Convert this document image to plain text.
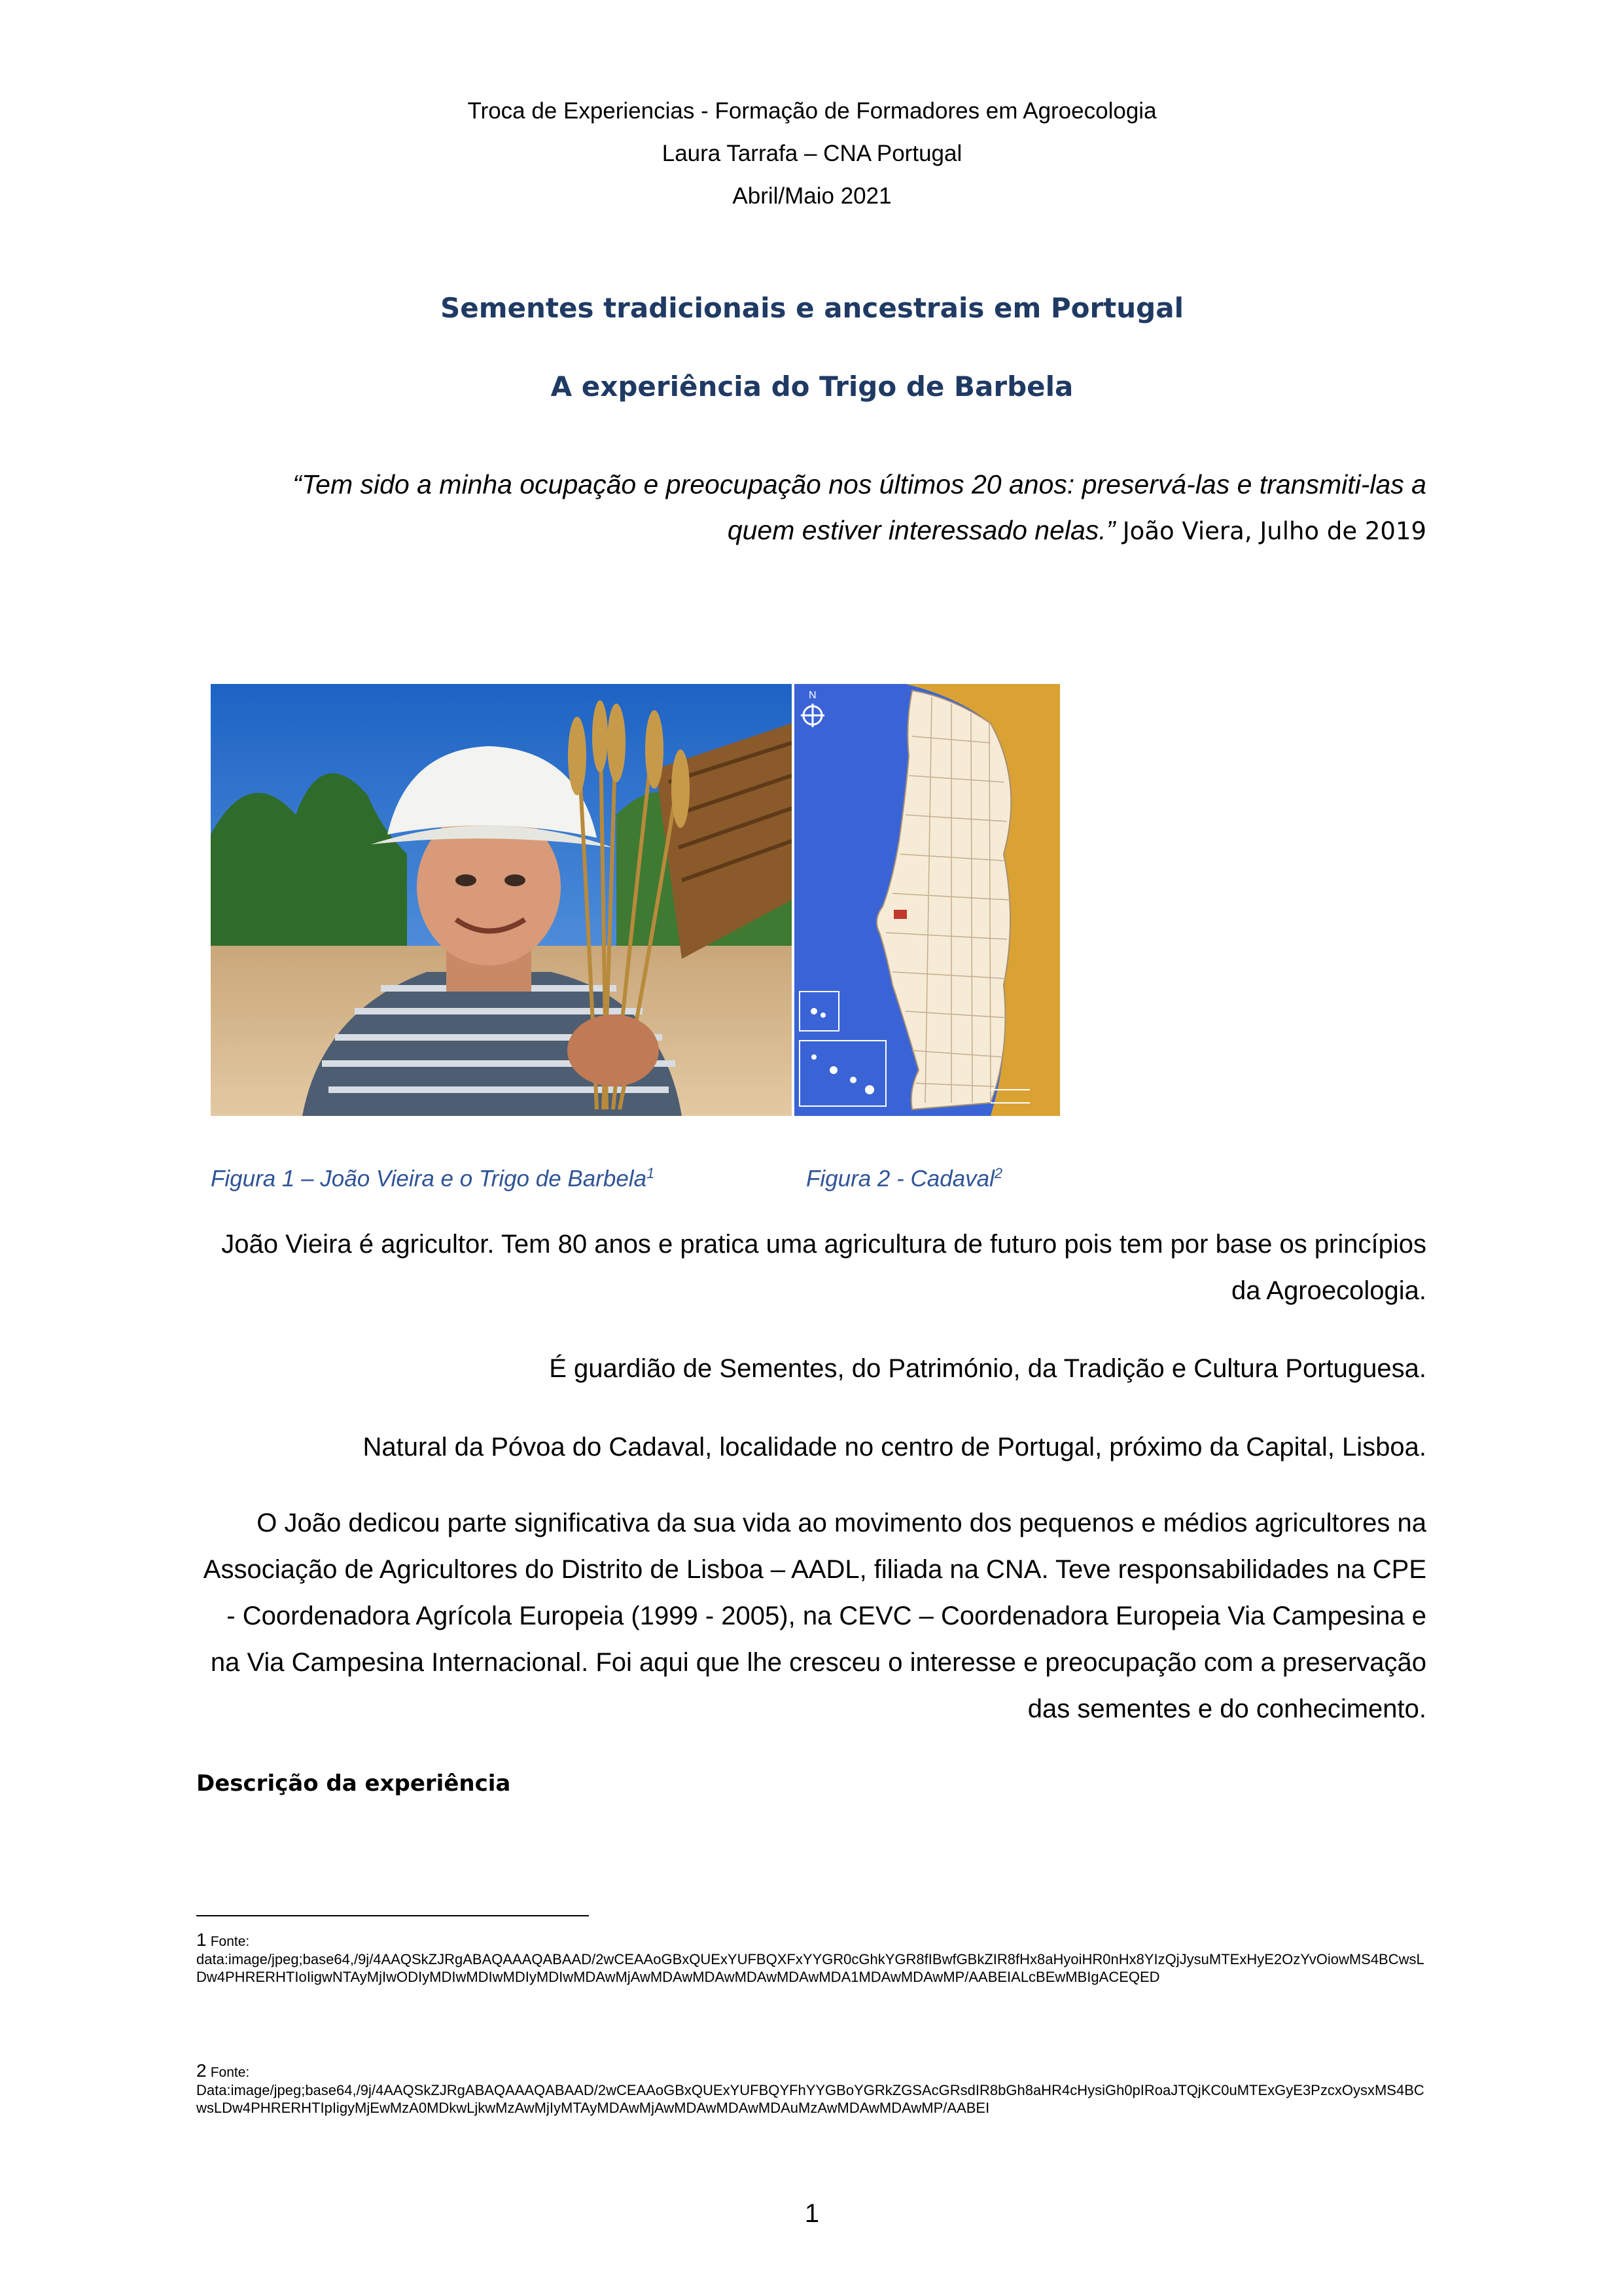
Troca de Experiencias - Formação de Formadores em Agroecologia
Laura Tarrafa – CNA Portugal
Abril/Maio 2021
Sementes tradicionais e ancestrais em Portugal
A experiência do Trigo de Barbela
“Tem sido a minha ocupação e preocupação nos últimos 20 anos: preservá-las e transmiti-las a
quem estiver interessado nelas.” João Viera, Julho de 2019
N
Figura 1 – João Vieira e o Trigo de Barbela$^1$	Figura 2 - Cadaval$^2$
João Vieira é agricultor. Tem 80 anos e pratica uma agricultura de futuro pois tem por base os princípios da Agroecologia.
É guardião de Sementes, do Património, da Tradição e Cultura Portuguesa.
Natural da Póvoa do Cadaval, localidade no centro de Portugal, próximo da Capital, Lisboa.
O João dedicou parte significativa da sua vida ao movimento dos pequenos e médios agricultores na Associação de Agricultores do Distrito de Lisboa – AADL, filiada na CNA. Teve responsabilidades na CPE - Coordenadora Agrícola Europeia (1999 - 2005), na CEVC – Coordenadora Europeia Via Campesina e na Via Campesina Internacional. Foi aqui que lhe cresceu o interesse e preocupação com a preservação das sementes e do conhecimento.
Descrição da experiência
1 Fonte:
data:image/jpeg;base64,/9j/4AAQSkZJRgABAQAAAQABAAD/2wCEAAoGBxQUExYUFBQXFxYYGR0cGhkYGR8fIBwfGBkZIR8fHx8aHyoiHR0nHx8YIzQjJysuMTExHyE2OzYvOiowMS4BCwsLDw4PHRERHTIoIigwNTAyMjIwODIyMDIwMDIwMDIyMDIwMDAwMjAwMDAwMDAwMDAwMDAwMDA1MDAwMDAwMP/AABEIALcBEwMBIgACEQED
2 Fonte:
Data:image/jpeg;base64,/9j/4AAQSkZJRgABAQAAAQABAAD/2wCEAAoGBxQUExYUFBQYFhYYGBoYGRkZGSAcGRsdIR8bGh8aHR4cHysiGh0pIRoaJTQjKC0uMTExGyE3PzcxOysxMS4BCwsLDw4PHRERHTIpIigyMjEwMzA0MDkwLjkwMzAwMjIyMTAyMDAwMjAwMDAwMDAwMDAuMzAwMDAwMDAwMP/AABEI
1
